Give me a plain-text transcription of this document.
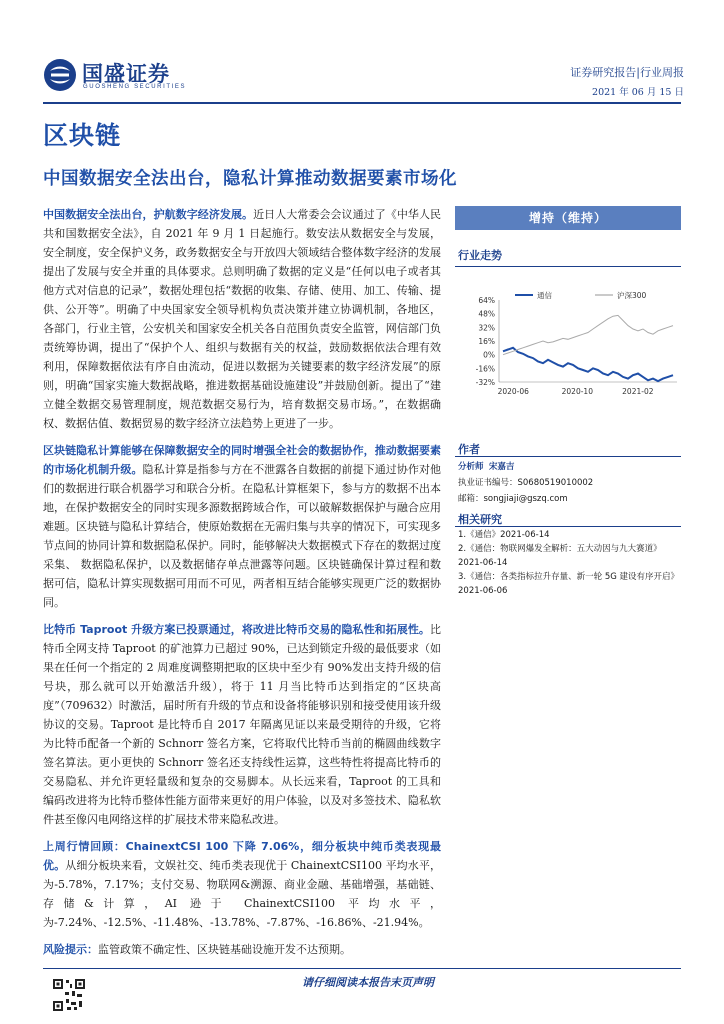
国盛证券
GUOSHENG SECURITIES
证券研究报告|行业周报
2021 年 06 月 15 日
区块链
中国数据安全法出台，隐私计算推动数据要素市场化

中国数据安全法出台，护航数字经济发展。近日人大常委会会议通过了《中华人民共和国数据安全法》，自 2021 年 9 月 1 日起施行。数安法从数据安全与发展，安全制度，安全保护义务，政务数据安全与开放四大领域结合整体数字经济的发展提出了发展与安全并重的具体要求。总则明确了数据的定义是“任何以电子或者其他方式对信息的记录”，数据处理包括“数据的收集、存储、使用、加工、传输、提供、公开等”。明确了中央国家安全领导机构负责决策并建立协调机制，各地区，各部门，行业主管，公安机关和国家安全机关各自范围负责安全监管，网信部门负责统筹协调，提出了“保护个人、组织与数据有关的权益，鼓励数据依法合理有效利用，保障数据依法有序自由流动，促进以数据为关键要素的数字经济发展”的原则，明确“国家实施大数据战略，推进数据基础设施建设”并鼓励创新。提出了“建立健全数据交易管理制度，规范数据交易行为，培育数据交易市场。”，在数据确权、数据估值、数据贸易的数字经济立法趋势上更进了一步。

区块链隐私计算能够在保障数据安全的同时增强全社会的数据协作，推动数据要素的市场化机制升级。隐私计算是指参与方在不泄露各自数据的前提下通过协作对他们的数据进行联合机器学习和联合分析。在隐私计算框架下，参与方的数据不出本地，在保护数据安全的同时实现多源数据跨域合作，可以破解数据保护与融合应用难题。区块链与隐私计算结合，使原始数据在无需归集与共享的情况下，可实现多节点间的协同计算和数据隐私保护。同时，能够解决大数据模式下存在的数据过度采集、 数据隐私保护，以及数据储存单点泄露等问题。区块链确保计算过程和数据可信，隐私计算实现数据可用而不可见，两者相互结合能够实现更广泛的数据协同。

比特币 Taproot 升级方案已投票通过，将改进比特币交易的隐私性和拓展性。比特币全网支持 Taproot 的矿池算力已超过 90%，已达到锁定升级的最低要求（如果在任何一个指定的 2 周难度调整期把取的区块中至少有 90%发出支持升级的信号块，那么就可以开始激活升级），将于 11 月当比特币达到指定的“区块高度”（709632）时激活，届时所有升级的节点和设备将能够识别和接受使用该升级协议的交易。Taproot 是比特币自 2017 年隔离见证以来最受期待的升级，它将为比特币配备一个新的 Schnorr 签名方案，它将取代比特币当前的椭圆曲线数字签名算法。更小更快的 Schnorr 签名还支持线性运算，这些特性将提高比特币的交易隐私、并允许更轻量级和复杂的交易脚本。从长远来看，Taproot 的工具和编码改进将为比特币整体性能方面带来更好的用户体验，以及对多签技术、隐私软件甚至像闪电网络这样的扩展技术带来隐私改进。

上周行情回顾：ChainextCSI 100 下降 7.06%，细分板块中纯币类表现最优。从细分板块来看，文娱社交、纯币类表现优于 ChainextCSI100 平均水平，为-5.78%，7.17%；支付交易、物联网&溯源、商业金融、基础增强，基础链、存储&计算，AI 逊于 ChainextCSI100 平均水平，为-7.24%、-12.5%、-11.48%、-13.78%、-7.87%、-16.86%、-21.94%。

风险提示：监管政策不确定性、区块链基础设施开发不达预期。

增持（维持）
行业走势
64%
48%
32%
16%
0%
-16%
-32%
2020-06	2020-10	2021-02
通信	沪深300
作者
分析师 宋嘉吉
执业证书编号：S0680519010002
邮箱：songjiaji@gszq.com
相关研究
1.《通信》2021-06-14
2.《通信：物联网爆发全解析：五大动因与九大赛道》2021-06-14
3.《通信：各类指标拉升存量、新一轮 5G 建设有序开启》2021-06-06
请仔细阅读本报告末页声明
